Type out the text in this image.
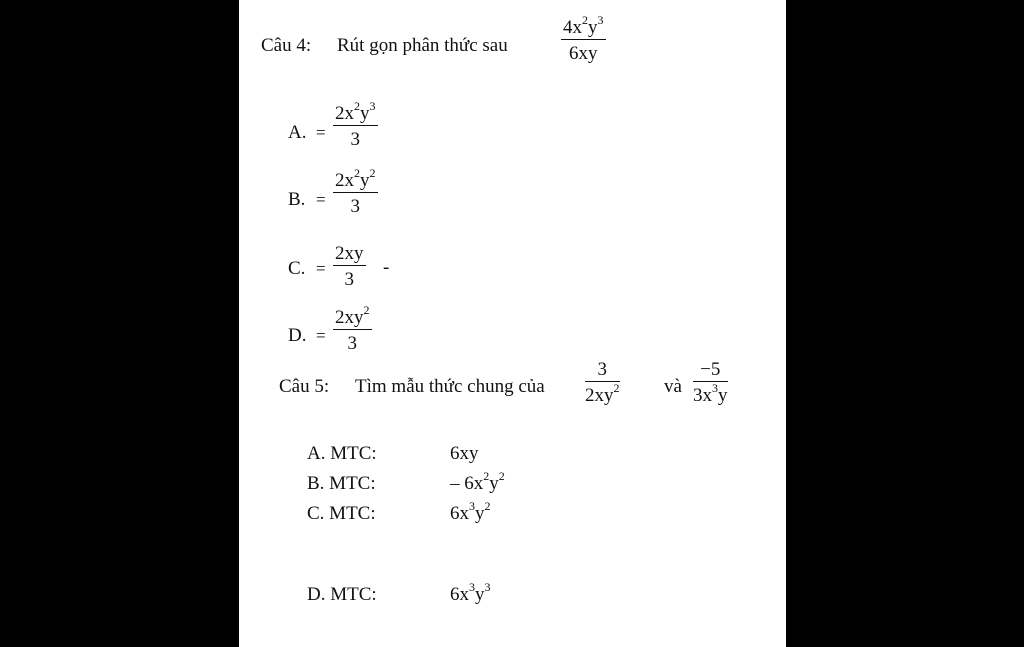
Câu 4: Rút gọn phân thức sau	$\frac{4x^2y^3}{6xy}$
A. = $\frac{2x^2y^3}{3}$
B. = $\frac{2x^2y^2}{3}$
C. = $\frac{2xy}{3}$ -
D. = $\frac{2xy^2}{3}$
Câu 5: Tìm mẫu thức chung của $\frac{3}{2xy^2}$ và $\frac{-5}{3x^3y}$
A. MTC:	6xy
B. MTC:	– $6x^2y^2$
C. MTC:	$6x^3y^2$
D. MTC:	$6x^3y^3$
